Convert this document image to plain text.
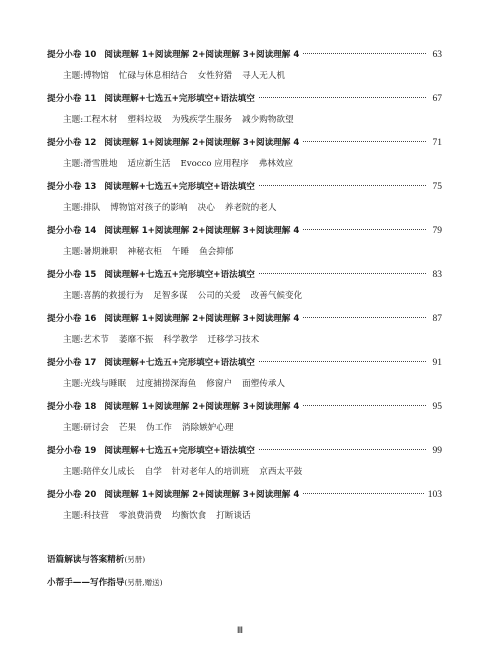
提分小卷 10 阅读理解 1+阅读理解 2+阅读理解 3+阅读理解 4	63
主题:博物馆 忙碌与休息相结合 女性狩猎 寻人无人机
提分小卷 11 阅读理解+七选五+完形填空+语法填空	67
主题:工程木材 塑料垃圾 为残疾学生服务 减少购物欲望
提分小卷 12 阅读理解 1+阅读理解 2+阅读理解 3+阅读理解 4	71
主题:滑雪胜地 适应新生活 Evocco 应用程序 弗林效应
提分小卷 13 阅读理解+七选五+完形填空+语法填空	75
主题:排队 博物馆对孩子的影响 决心 养老院的老人
提分小卷 14 阅读理解 1+阅读理解 2+阅读理解 3+阅读理解 4	79
主题:暑期兼职 神秘衣柜 午睡 鱼会抑郁
提分小卷 15 阅读理解+七选五+完形填空+语法填空	83
主题:喜鹊的救援行为 足智多谋 公司的关爱 改善气候变化
提分小卷 16 阅读理解 1+阅读理解 2+阅读理解 3+阅读理解 4	87
主题:艺术节 萎靡不振 科学教学 迁移学习技术
提分小卷 17 阅读理解+七选五+完形填空+语法填空	91
主题:光线与睡眠 过度捕捞深海鱼 修窗户 面塑传承人
提分小卷 18 阅读理解 1+阅读理解 2+阅读理解 3+阅读理解 4	95
主题:研讨会 芒果 伪工作 消除嫉妒心理
提分小卷 19 阅读理解+七选五+完形填空+语法填空	99
主题:陪伴女儿成长 自学 针对老年人的培训班 京西太平鼓
提分小卷 20 阅读理解 1+阅读理解 2+阅读理解 3+阅读理解 4	103
主题:科技营 零浪费消费 均衡饮食 打断谈话
语篇解读与答案精析(另册)
小帮手——写作指导(另册,赠送)
Ⅲ
